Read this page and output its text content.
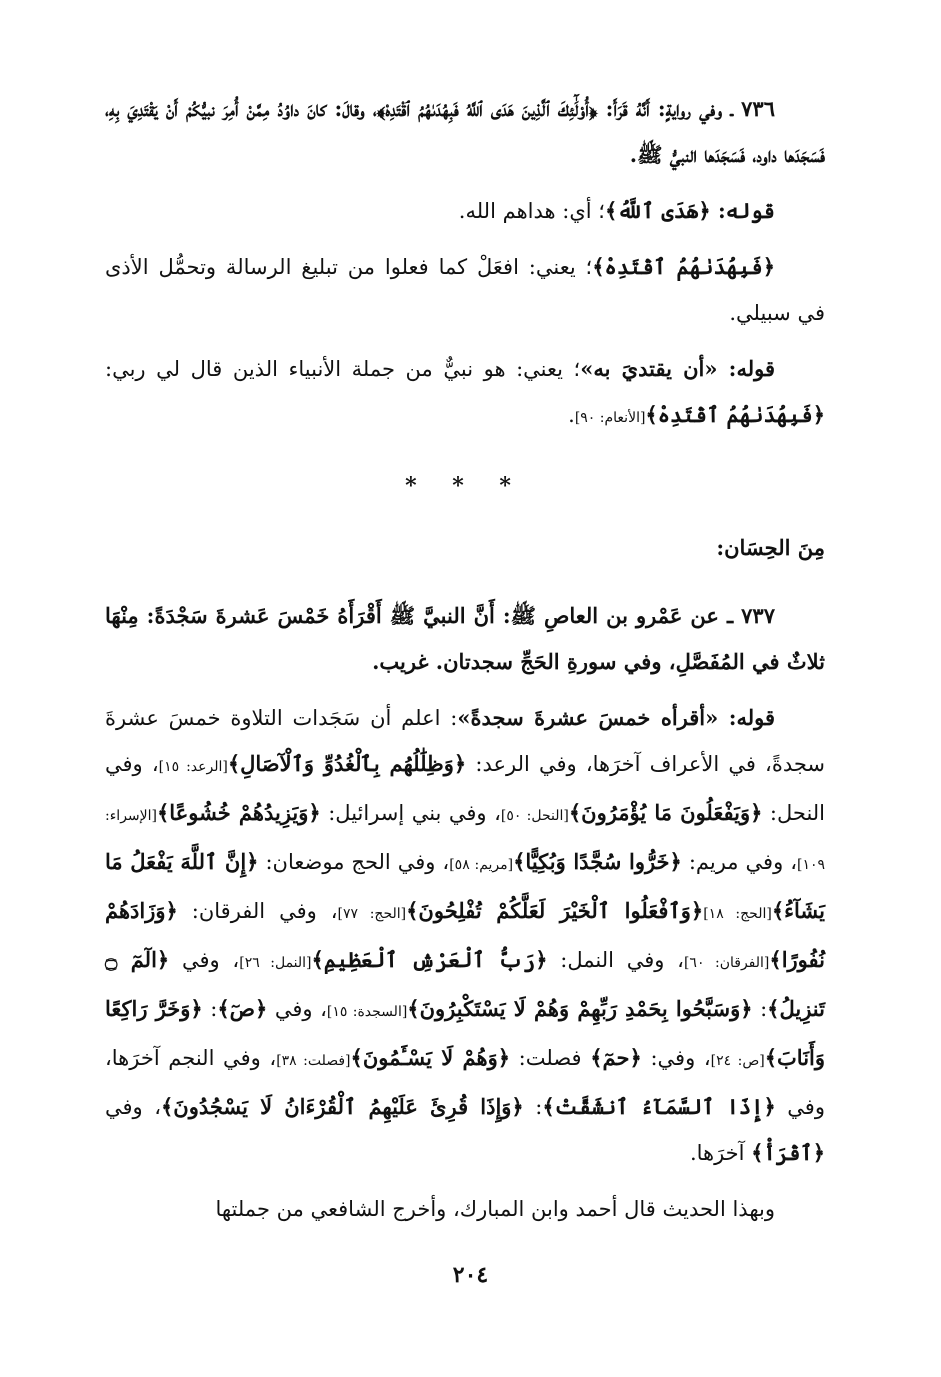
٧٣٦ ـ وفي روايةٍ: أَنَّهُ قَرَأَ: ﴿أُوْلَٰٓئِكَ ٱلَّذِينَ هَدَى ٱللَّهُ فَبِهُدَىٰهُمُ ٱقْتَدِهْ﴾، وقالَ: كانَ داوُدُ مِمَّنْ أُمِرَ نبيُّكُمْ أَنْ يَقْتَدِيَ بِهِ، فَسَجَدَها داود، فَسَجَدَها النبيُّ ﷺ.

قوله: ﴿هَدَى ٱللَّهُ﴾؛ أي: هداهم الله.

﴿فَبِهُدَىٰهُمُ ٱقْتَدِهْ﴾؛ يعني: افعَلْ كما فعلوا من تبليغ الرسالة وتحمُّل الأذى في سبيلي.

قوله: «أن يقتديَ به»؛ يعني: هو نبيٌّ من جملة الأنبياء الذين قال لي ربي: ﴿فَبِهُدَىٰهُمُ ٱقْتَدِهْ﴾[الأنعام: ٩٠].

* * *

مِنَ الحِسَان:

٧٣٧ ـ عن عَمْرو بن العاصِ ﷺ: أَنَّ النبيَّ ﷺ أَقْرَأَهُ خَمْسَ عَشرةَ سَجْدَةً: مِنْهَا ثلاثٌ في المُفَصَّلِ، وفي سورةِ الحَجِّ سجدتان. غريب.

قوله: «أقرأه خمسَ عشرةَ سجدةً»: اعلم أن سَجَدات التلاوة خمسَ عشرةَ سجدةً، في الأعراف آخرَها، وفي الرعد: ﴿وَظِلَٰلُهُم بِٱلْغُدُوِّ وَٱلْآصَالِ﴾[الرعد: ١٥]، وفي النحل: ﴿وَيَفْعَلُونَ مَا يُؤْمَرُونَ﴾[النحل: ٥٠]، وفي بني إسرائيل: ﴿وَيَزِيدُهُمْ خُشُوعًا﴾[الإسراء: ١٠٩]، وفي مريم: ﴿خَرُّوا سُجَّدًا وَبُكِيًّا﴾[مريم: ٥٨]، وفي الحج موضعان: ﴿إِنَّ ٱللَّهَ يَفْعَلُ مَا يَشَآءُ﴾[الحج: ١٨]﴿وَٱفْعَلُوا ٱلْخَيْرَ لَعَلَّكُمْ تُفْلِحُونَ﴾[الحج: ٧٧]، وفي الفرقان: ﴿وَزَادَهُمْ نُفُورًا﴾[الفرقان: ٦٠]، وفي النمل: ﴿رَبُّ ٱلْعَرْشِ ٱلْعَظِيمِ﴾[النمل: ٢٦]، وفي ﴿الٓمٓ ۝ تَنزِيلُ﴾: ﴿وَسَبَّحُوا بِحَمْدِ رَبِّهِمْ وَهُمْ لَا يَسْتَكْبِرُونَ﴾[السجدة: ١٥]، وفي ﴿صٓ﴾: ﴿وَخَرَّ رَاكِعًا وَأَنَابَ﴾[ص: ٢٤]، وفي: ﴿حمٓ﴾ فصلت: ﴿وَهُمْ لَا يَسْـَٔمُونَ﴾[فصلت: ٣٨]، وفي النجم آخرَها، وفي ﴿إِذَا ٱلسَّمَآءُ ٱنشَقَّتْ﴾: ﴿وَإِذَا قُرِئَ عَلَيْهِمُ ٱلْقُرْءَانُ لَا يَسْجُدُونَ﴾، وفي ﴿ٱقْرَأْ﴾ آخرَها.

وبهذا الحديث قال أحمد وابن المبارك، وأخرج الشافعي من جملتها

٢٠٤
